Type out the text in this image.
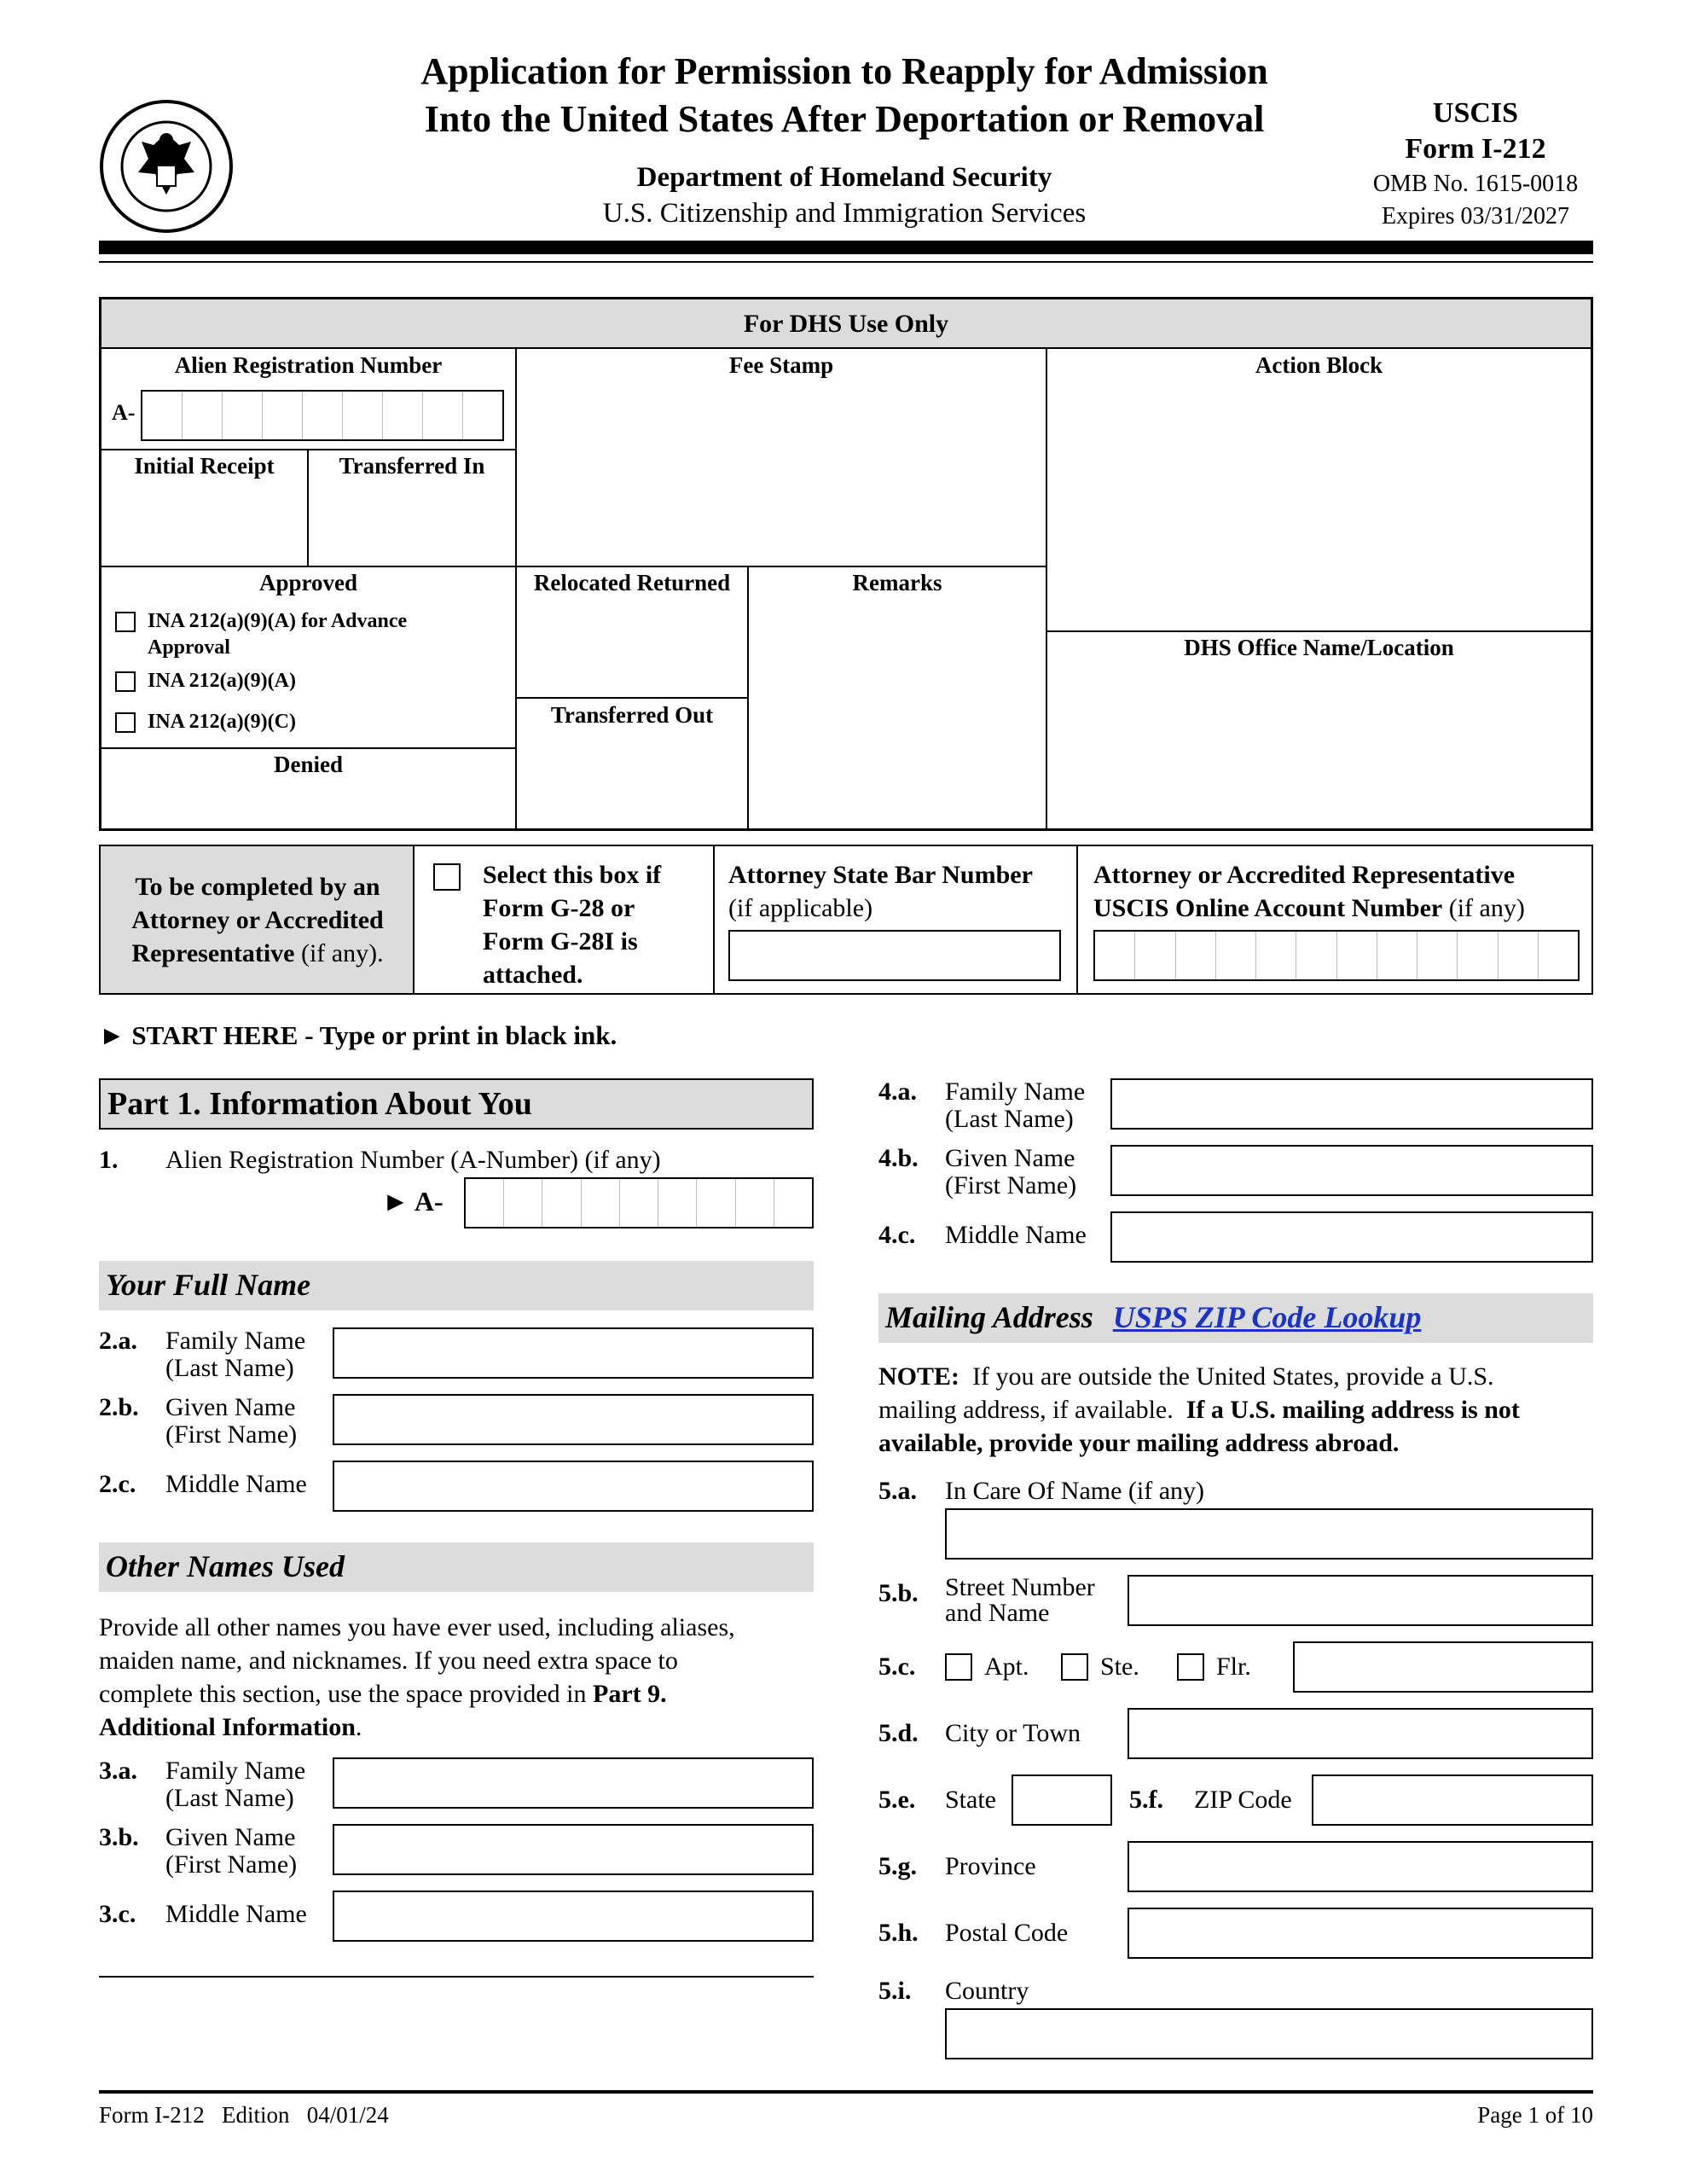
Application for Permission to Reapply for Admission
Into the United States After Deportation or Removal
Department of Homeland Security
U.S. Citizenship and Immigration Services
USCIS
Form I-212
OMB No. 1615-0018
Expires 03/31/2027
For DHS Use Only
Alien Registration Number
A-
Initial Receipt	Transferred In
Fee Stamp	Action Block
Approved
INA 212(a)(9)(A) for Advance
Approval
INA 212(a)(9)(A)
INA 212(a)(9)(C)
Denied
Relocated Returned
Transferred Out
Remarks
DHS Office Name/Location
To be completed by an
Attorney or Accredited
Representative (if any).
Select this box if
Form G-28 or
Form G-28I is
attached.
Attorney State Bar Number
(if applicable)
Attorney or Accredited Representative
USCIS Online Account Number (if any)
► START HERE - Type or print in black ink.
Part 1. Information About You
1. Alien Registration Number (A-Number) (if any)
► A-
Your Full Name
2.a. Family Name
(Last Name)
2.b. Given Name
(First Name)
2.c. Middle Name
Other Names Used
Provide all other names you have ever used, including aliases,
maiden name, and nicknames. If you need extra space to
complete this section, use the space provided in Part 9.
Additional Information.
3.a. Family Name
(Last Name)
3.b. Given Name
(First Name)
3.c. Middle Name
4.a. Family Name
(Last Name)
4.b. Given Name
(First Name)
4.c. Middle Name
Mailing Address USPS ZIP Code Lookup
NOTE:  If you are outside the United States, provide a U.S.
mailing address, if available.  If a U.S. mailing address is not
available, provide your mailing address abroad.
5.a. In Care Of Name (if any)
5.b. Street Number
and Name
5.c.	Apt.	Ste.	Flr.
5.d. City or Town
5.e. State	5.f. ZIP Code
5.g. Province
5.h. Postal Code
5.i. Country
Form I-212   Edition   04/01/24	Page 1 of 10
